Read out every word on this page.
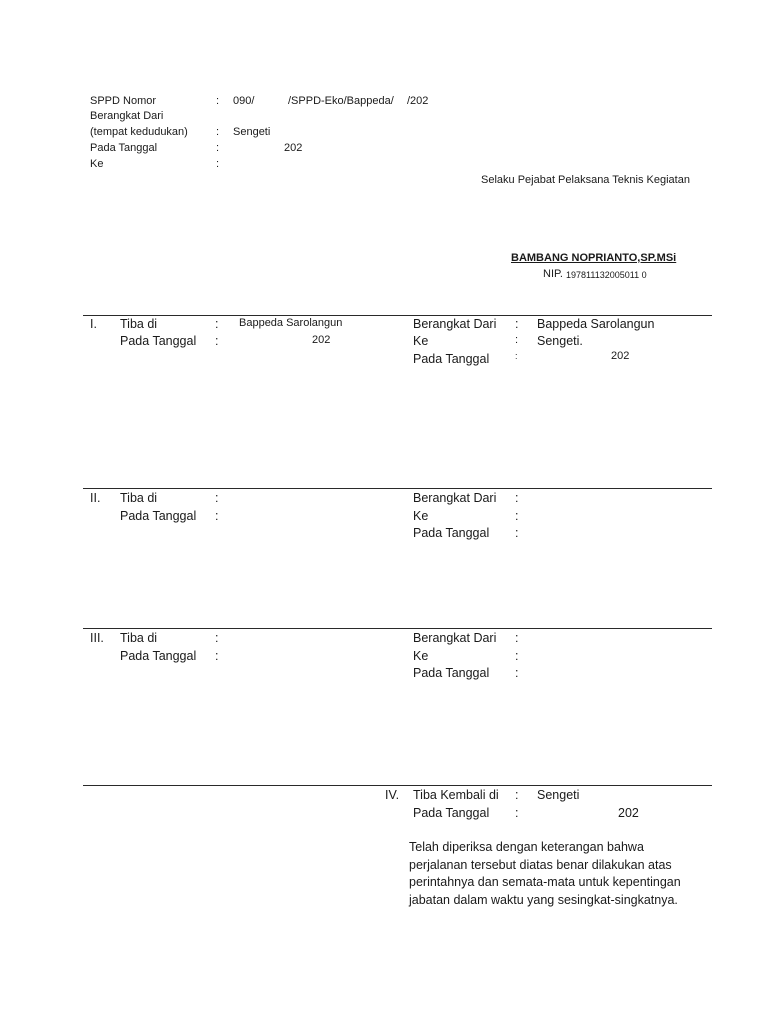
SPPD Nomor	: 090/	/SPPD-Eko/Bappeda/ /202
Berangkat Dari
(tempat kedudukan)	: Sengeti
Pada Tanggal	:	202
Ke	:
Selaku Pejabat Pelaksana Teknis Kegiatan
BAMBANG NOPRIANTO,SP.MSi
NIP. 197811132005011 0
I. Tiba di	: Bappeda Sarolangun
Pada Tanggal :	202
Berangkat Dari : Bappeda Sarolangun
Ke	: Sengeti.
Pada Tanggal	:	202
II. Tiba di	:
Pada Tanggal :
Berangkat Dari :
Ke	:
Pada Tanggal :
III. Tiba di	:
Pada Tanggal :
Berangkat Dari :
Ke	:
Pada Tanggal :
IV. Tiba Kembali di : Sengeti
Pada Tanggal :	202
Telah diperiksa dengan keterangan bahwa
perjalanan tersebut diatas benar dilakukan atas
perintahnya dan semata-mata untuk kepentingan
jabatan dalam waktu yang sesingkat-singkatnya.
